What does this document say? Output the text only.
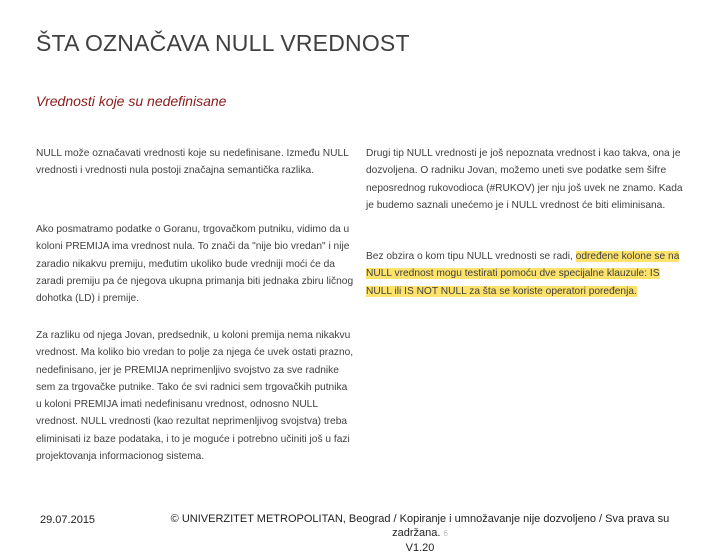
ŠTA OZNAČAVA NULL VREDNOST
Vrednosti koje su nedefinisane
NULL može označavati vrednosti koje su nedefinisane. Između NULL vrednosti i vrednosti nula postoji značajna semantička razlika.
Ako posmatramo podatke o Goranu, trgovačkom putniku, vidimo da u koloni PREMIJA ima vrednost nula. To znači da "nije bio vredan" i nije zaradio nikakvu premiju, međutim ukoliko bude vredniji moći će da zaradi premiju pa će njegova ukupna primanja biti jednaka zbiru ličnog dohotka (LD) i premije.
Za razliku od njega Jovan, predsednik, u koloni premija nema nikakvu vrednost. Ma koliko bio vredan to polje za njega će uvek ostati prazno, nedefinisano, jer je PREMIJA neprimenljivo svojstvo za sve radnike sem za trgovačke putnike. Tako će svi radnici sem trgovačkih putnika u koloni PREMIJA imati nedefinisanu vrednost, odnosno NULL vrednost. NULL vrednosti (kao rezultat neprimenljivog svojstva) treba eliminisati iz baze podataka, i to je moguće i potrebno učiniti još u fazi projektovanja informacionog sistema.
Drugi tip NULL vrednosti je još nepoznata vrednost i kao takva, ona je dozvoljena. O radniku Jovan, možemo uneti sve podatke sem šifre neposrednog rukovodioca (#RUKOV) jer nju još uvek ne znamo. Kada je budemo saznali unećemo je i NULL vrednost će biti eliminisana.
Bez obzira o kom tipu NULL vrednosti se radi, određene kolone se na NULL vrednost mogu testirati pomoću dve specijalne klauzule: IS NULL ili IS NOT NULL za šta se koriste operatori poređenja.
29.07.2015	© UNIVERZITET METROPOLITAN, Beograd / Kopiranje i umnožavanje nije dozvoljeno / Sva prava su zadržana. 6
V1.20
